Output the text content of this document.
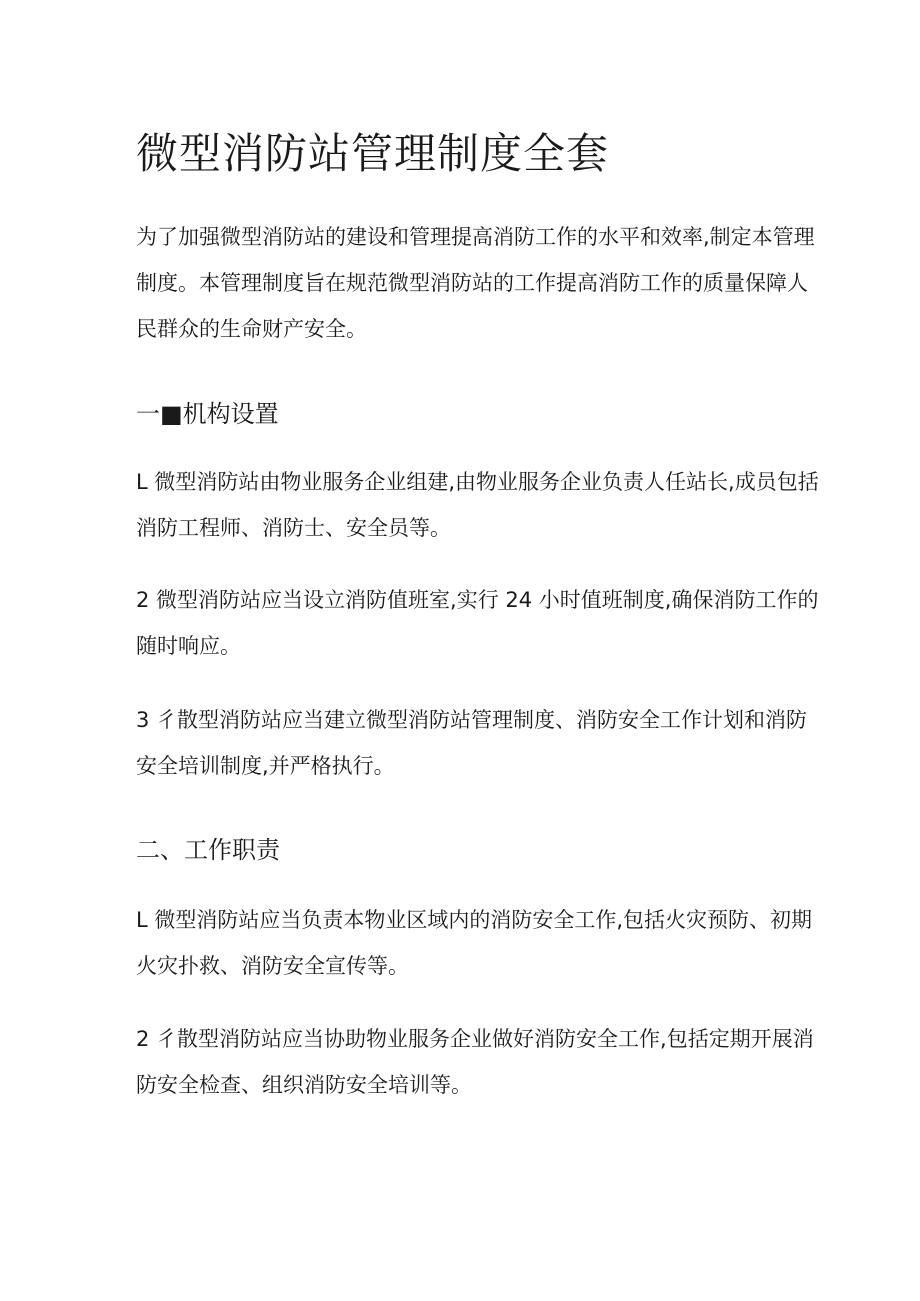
微型消防站管理制度全套

为了加强微型消防站的建设和管理提高消防工作的水平和效率,制定本管理
制度。本管理制度旨在规范微型消防站的工作提高消防工作的质量保障人
民群众的生命财产安全。

一■机构设置

L 微型消防站由物业服务企业组建,由物业服务企业负责人任站长,成员包括
消防工程师、消防士、安全员等。

2 微型消防站应当设立消防值班室,实行 24 小时值班制度,确保消防工作的
随时响应。

3 彳散型消防站应当建立微型消防站管理制度、消防安全工作计划和消防
安全培训制度,并严格执行。

二、工作职责

L 微型消防站应当负责本物业区域内的消防安全工作,包括火灾预防、初期
火灾扑救、消防安全宣传等。

2 彳散型消防站应当协助物业服务企业做好消防安全工作,包括定期开展消
防安全检查、组织消防安全培训等。
